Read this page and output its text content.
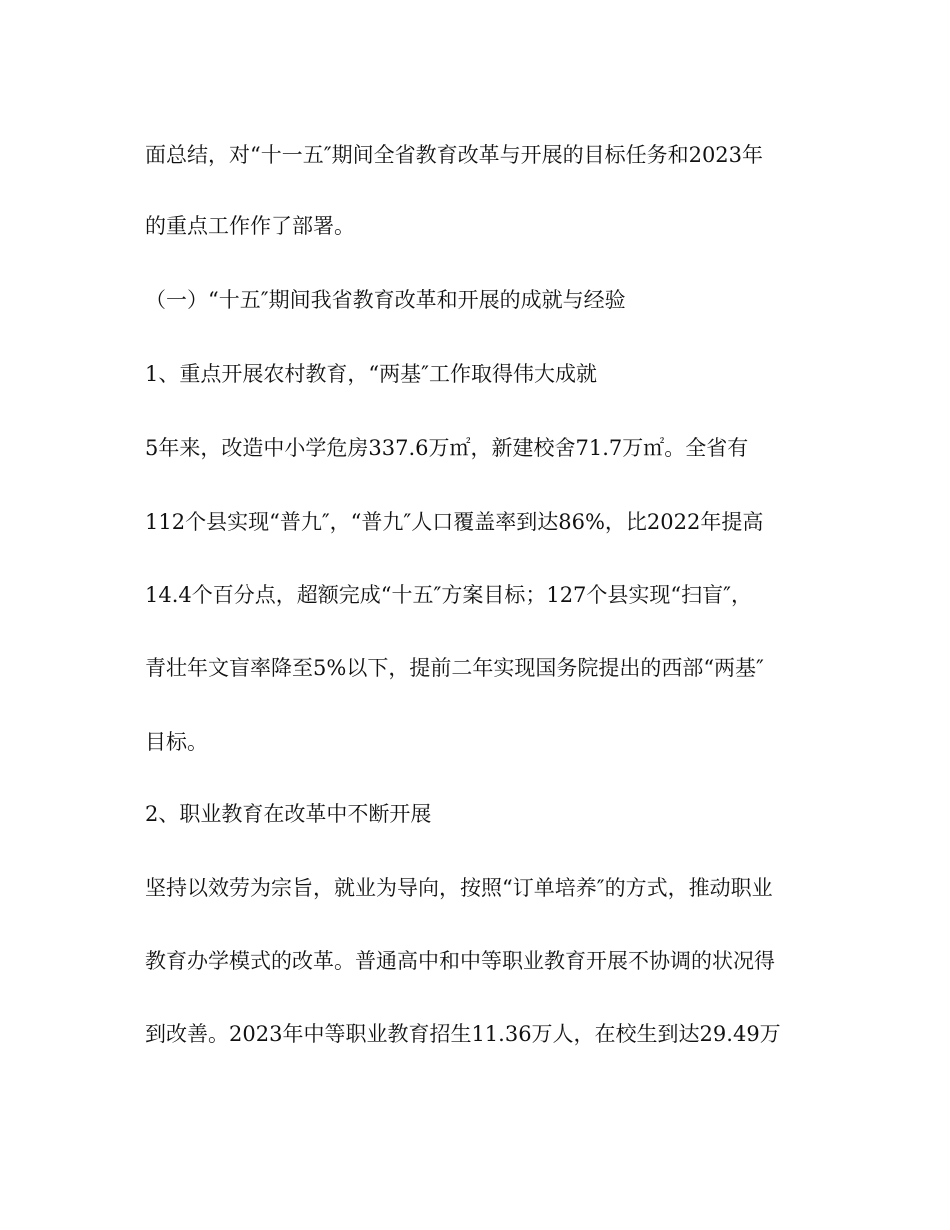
面总结，对“十一五″期间全省教育改革与开展的目标任务和2023年
的重点工作作了部署。
（一）“十五″期间我省教育改革和开展的成就与经验
1、重点开展农村教育，“两基″工作取得伟大成就
5年来，改造中小学危房337.6万㎡，新建校舍71.7万㎡。全省有
112个县实现“普九″，“普九″人口覆盖率到达86%，比2022年提高
14.4个百分点，超额完成“十五″方案目标；127个县实现“扫盲″，
青壮年文盲率降至5%以下，提前二年实现国务院提出的西部“两基″
目标。
2、职业教育在改革中不断开展
坚持以效劳为宗旨，就业为导向，按照“订单培养″的方式，推动职业
教育办学模式的改革。普通高中和中等职业教育开展不协调的状况得
到改善。2023年中等职业教育招生11.36万人，在校生到达29.49万
